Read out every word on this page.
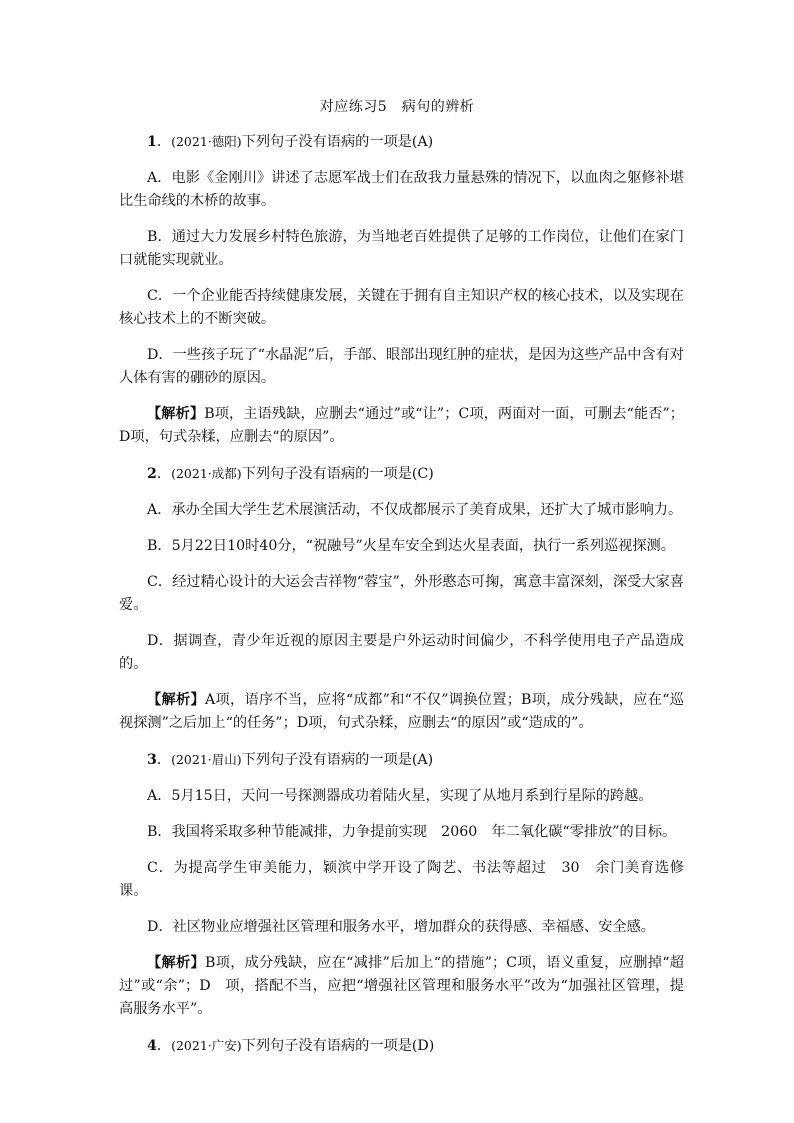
对应练习5　病句的辨析
1．(2021·德阳)下列句子没有语病的一项是(A)

A．电影《金刚川》讲述了志愿军战士们在敌我力量悬殊的情况下，以血肉之躯修补堪比生命线的木桥的故事。

B．通过大力发展乡村特色旅游，为当地老百姓提供了足够的工作岗位，让他们在家门口就能实现就业。

C．一个企业能否持续健康发展，关键在于拥有自主知识产权的核心技术，以及实现在核心技术上的不断突破。

D．一些孩子玩了“水晶泥”后，手部、眼部出现红肿的症状，是因为这些产品中含有对人体有害的硼砂的原因。

【解析】B项，主语残缺，应删去“通过”或“让”；C项，两面对一面，可删去“能否”；D项，句式杂糅，应删去“的原因”。

2．(2021·成都)下列句子没有语病的一项是(C)

A．承办全国大学生艺术展演活动，不仅成都展示了美育成果，还扩大了城市影响力。

B．5月22日10时40分，“祝融号”火星车安全到达火星表面，执行一系列巡视探测。

C．经过精心设计的大运会吉祥物“蓉宝”，外形憨态可掬，寓意丰富深刻，深受大家喜爱。

D．据调查，青少年近视的原因主要是户外运动时间偏少，不科学使用电子产品造成的。

【解析】A项，语序不当，应将“成都”和“不仅”调换位置；B项，成分残缺，应在“巡视探测”之后加上“的任务”；D项，句式杂糅，应删去“的原因”或“造成的”。

3．(2021·眉山)下列句子没有语病的一项是(A)

A．5月15日，天问一号探测器成功着陆火星，实现了从地月系到行星际的跨越。

B．我国将采取多种节能减排，力争提前实现　2060　年二氧化碳“零排放”的目标。

C．为提高学生审美能力，颖滨中学开设了陶艺、书法等超过　30　余门美育选修课。

D．社区物业应增强社区管理和服务水平，增加群众的获得感、幸福感、安全感。

【解析】B项，成分残缺，应在“减排”后加上“的措施”；C项，语义重复，应删掉“超过”或“余”；D　项，搭配不当，应把“增强社区管理和服务水平”改为“加强社区管理，提高服务水平”。

4．(2021·广安)下列句子没有语病的一项是(D)
